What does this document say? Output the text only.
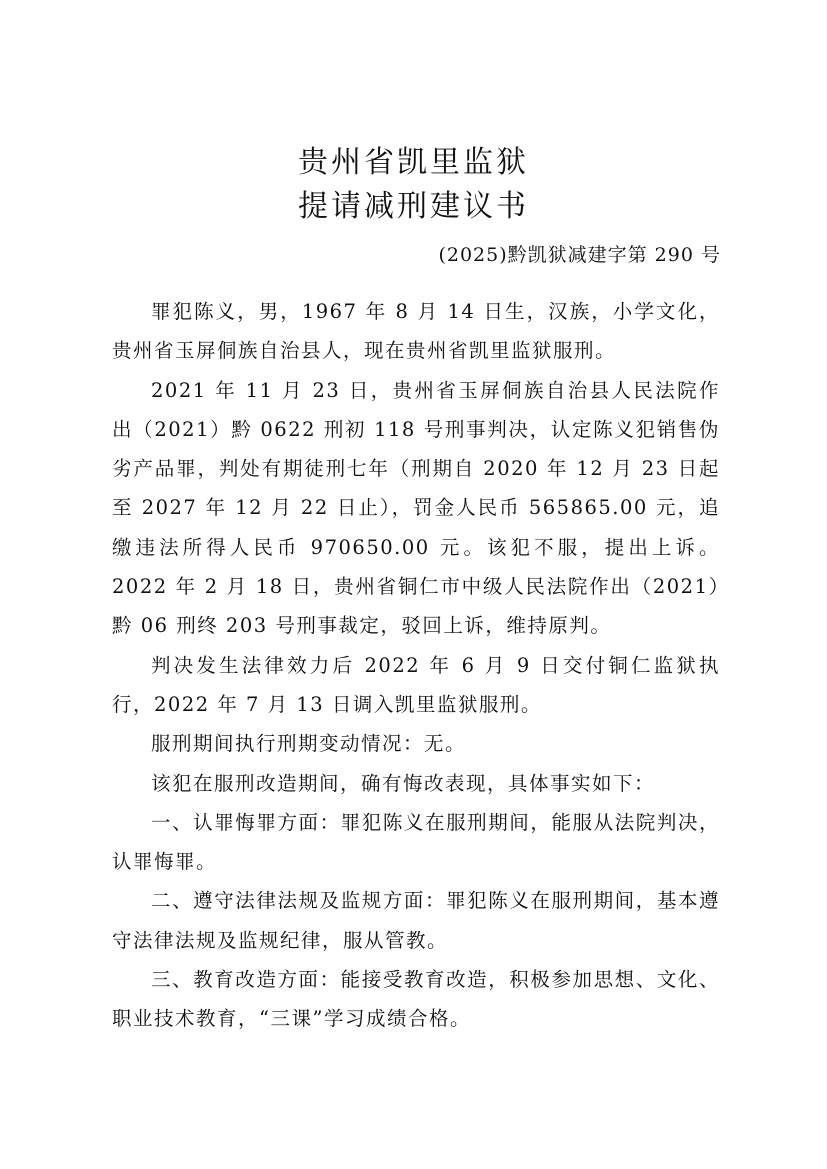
贵州省凯里监狱
提请减刑建议书
(2025)黔凯狱减建字第 290 号

罪犯陈义，男，1967 年 8 月 14 日生，汉族，小学文化，贵州省玉屏侗族自治县人，现在贵州省凯里监狱服刑。

2021 年 11 月 23 日，贵州省玉屏侗族自治县人民法院作出（2021）黔 0622 刑初 118 号刑事判决，认定陈义犯销售伪劣产品罪，判处有期徒刑七年（刑期自 2020 年 12 月 23 日起至 2027 年 12 月 22 日止），罚金人民币 565865.00 元，追缴违法所得人民币 970650.00 元。该犯不服，提出上诉。2022 年 2 月 18 日，贵州省铜仁市中级人民法院作出（2021）黔 06 刑终 203 号刑事裁定，驳回上诉，维持原判。

判决发生法律效力后 2022 年 6 月 9 日交付铜仁监狱执行，2022 年 7 月 13 日调入凯里监狱服刑。

服刑期间执行刑期变动情况：无。

该犯在服刑改造期间，确有悔改表现，具体事实如下：

一、认罪悔罪方面：罪犯陈义在服刑期间，能服从法院判决，认罪悔罪。

二、遵守法律法规及监规方面：罪犯陈义在服刑期间，基本遵守法律法规及监规纪律，服从管教。

三、教育改造方面：能接受教育改造，积极参加思想、文化、职业技术教育，“三课”学习成绩合格。
